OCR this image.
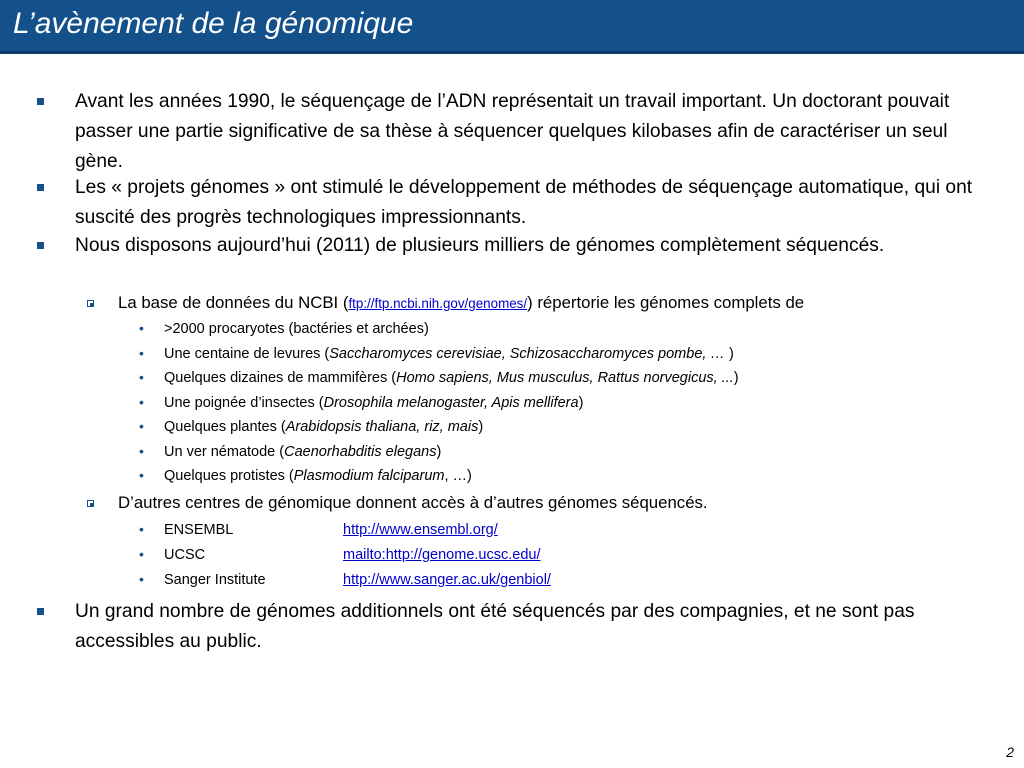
L’avènement de la génomique
Avant les années 1990, le séquençage de l’ADN représentait un travail important. Un doctorant pouvait passer une partie significative de sa thèse à séquencer quelques kilobases afin de caractériser un seul gène.
Les « projets génomes » ont stimulé le développement de méthodes de séquençage automatique, qui ont suscité des progrès technologiques impressionnants.
Nous disposons aujourd’hui (2011) de plusieurs milliers de génomes complètement séquencés.
La base de données du NCBI (ftp://ftp.ncbi.nih.gov/genomes/) répertorie les génomes complets de
• >2000 procaryotes (bactéries et archées)
• Une centaine de levures (Saccharomyces cerevisiae, Schizosaccharomyces pombe, … )
• Quelques dizaines de mammifères (Homo sapiens, Mus musculus, Rattus norvegicus, ...)
• Une poignée d’insectes (Drosophila melanogaster, Apis mellifera)
• Quelques plantes (Arabidopsis thaliana, riz, mais)
• Un ver nématode (Caenorhabditis elegans)
• Quelques protistes (Plasmodium falciparum, …)
D’autres centres de génomique donnent accès à d’autres génomes séquencés.
• ENSEMBL	http://www.ensembl.org/
• UCSC	mailto:http://genome.ucsc.edu/
• Sanger Institute	http://www.sanger.ac.uk/genbiol/
Un grand nombre de génomes additionnels ont été séquencés par des compagnies, et ne sont pas accessibles au public.
2
